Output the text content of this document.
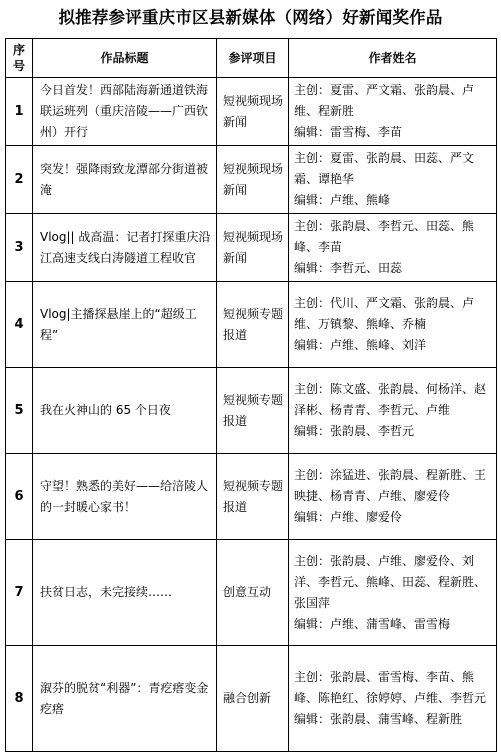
拟推荐参评重庆市区县新媒体（网络）好新闻奖作品
序号	作品标题	参评项目	作者姓名
1	今日首发！西部陆海新通道铁海联运班列（重庆涪陵——广西钦州）开行	短视频现场新闻	主创：夏雷、严文霜、张韵晨、卢维、程新胜
编辑：雷雪梅、李苗

2	突发！强降雨致龙潭部分街道被淹	短视频现场新闻	主创：夏雷、张韵晨、田蕊、严文霜、谭艳华
编辑：卢维、熊峰

3	Vlog|| 战高温：记者打探重庆沿江高速支线白涛隧道工程收官	短视频现场新闻	主创：张韵晨、李哲元、田蕊、熊峰、李苗
编辑：李哲元、田蕊

4	Vlog|主播探悬崖上的“超级工程”	短视频专题报道	主创：代川、严文霜、张韵晨、卢维、万镇黎、熊峰、乔楠
编辑：卢维、熊峰、刘洋

5	我在火神山的 65 个日夜	短视频专题报道	主创：陈文盛、张韵晨、何杨洋、赵泽彬、杨青青、李哲元、卢维
编辑：张韵晨、李哲元

6	守望！熟悉的美好——给涪陵人的一封暖心家书！	短视频专题报道	主创：涂猛进、张韵晨、程新胜、王映捷、杨青青、卢维、廖爱伶
编辑：卢维、廖爱伶

7	扶贫日志，未完接续……	创意互动	主创：张韵晨、卢维、廖爱伶、刘洋、李哲元、熊峰、田蕊、程新胜、张国萍
编辑：卢维、蒲雪峰、雷雪梅

8	溆芬的脱贫“利器”：青疙瘩变金疙瘩	融合创新	主创：张韵晨、雷雪梅、李苗、熊峰、陈艳红、徐婷婷、卢维、李哲元
编辑：张韵晨、蒲雪峰、程新胜
